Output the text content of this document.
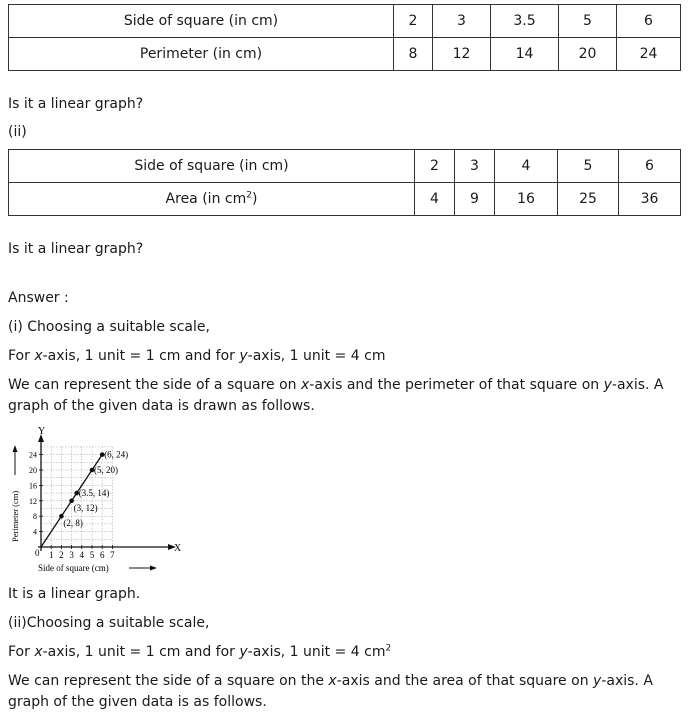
Side of square (in cm)	2	3	3.5	5	6
Perimeter (in cm)	8	12	14	20	24

Is it a linear graph?

(ii)

Side of square (in cm)	2	3	4	5	6
Area (in $cm^2$)	4	9	16	25	36

Is it a linear graph?

Answer :

(i) Choosing a suitable scale,

For x-axis, 1 unit = 1 cm and for y-axis, 1 unit = 4 cm

We can represent the side of a square on x-axis and the perimeter of that square on y-axis. A graph of the given data is drawn as follows.

X
Y
0
Side of square (cm)
Perimeter (cm)
1 2 3 4 5 6 7
4
8
12
16
20
24
(2, 8)
(3, 12)
(3.5, 14)
(5, 20)
(6, 24)

It is a linear graph.

(ii)Choosing a suitable scale,

For x-axis, 1 unit = 1 cm and for y-axis, 1 unit = 4 $cm^2$

We can represent the side of a square on the x-axis and the area of that square on y-axis. A graph of the given data is as follows.
